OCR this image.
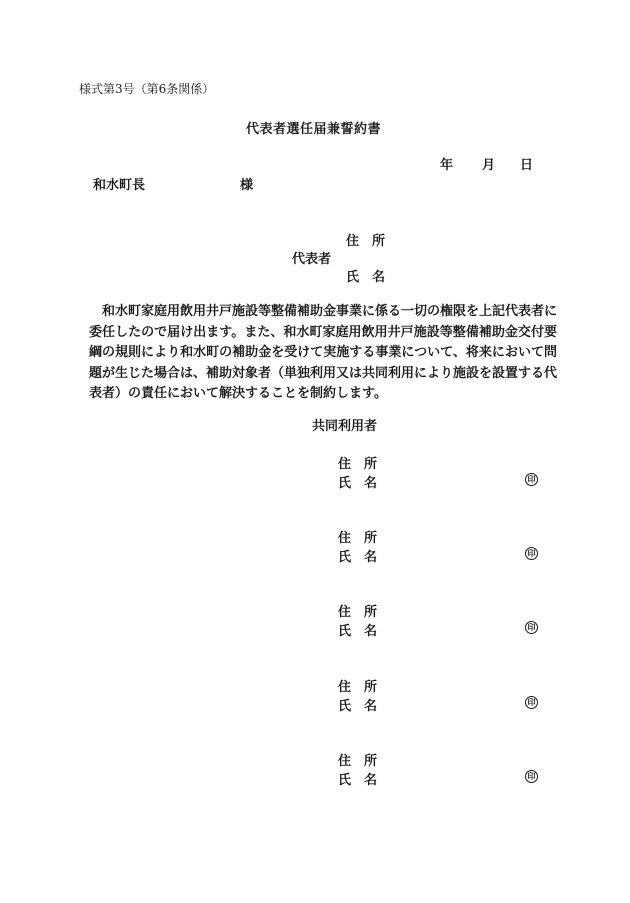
様式第3号（第6条関係）
代表者選任届兼誓約書
年 月 日
和水町長	様
住 所
代表者
氏 名

和水町家庭用飲用井戸施設等整備補助金事業に係る一切の権限を上記代表者に委任したので届け出ます。また、和水町家庭用飲用井戸施設等整備補助金交付要綱の規則により和水町の補助金を受けて実施する事業について、将来において問題が生じた場合は、補助対象者（単独利用又は共同利用により施設を設置する代表者）の責任において解決することを制約します。

共同利用者
住 所
氏 名	印
住 所
氏 名	印
住 所
氏 名	印
住 所
氏 名	印
住 所
氏 名	印
